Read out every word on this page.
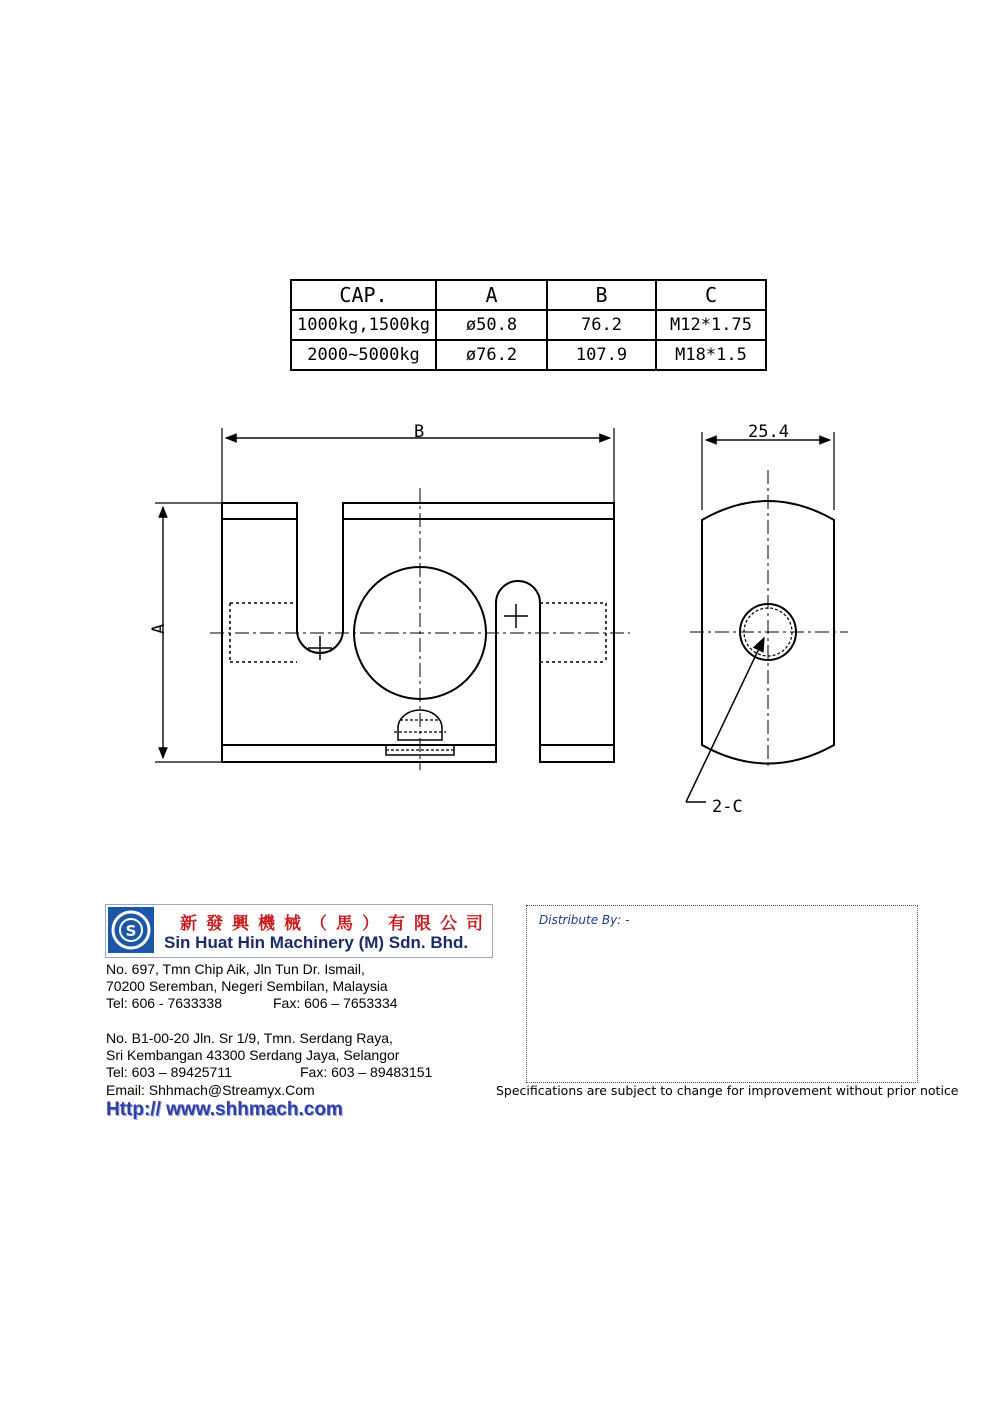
CAP.	A	B	C
1000kg,1500kg	ø50.8	76.2	M12*1.75
2000~5000kg	ø76.2	107.9	M18*1.5
B
A
25.4
2-C
S	新發興機械（馬）有限公司
Sin Huat Hin Machinery (M) Sdn. Bhd.
No. 697, Tmn Chip Aik, Jln Tun Dr. Ismail,
70200 Seremban, Negeri Sembilan, Malaysia
Tel: 606 - 7633338	Fax: 606 – 7653334
No. B1-00-20 Jln. Sr 1/9, Tmn. Serdang Raya,
Sri Kembangan 43300 Serdang Jaya, Selangor
Tel: 603 – 89425711	Fax: 603 – 89483151
Email: Shhmach@Streamyx.Com
Http:// www.shhmach.com
Distribute By: -
Specifications are subject to change for improvement without prior notice
